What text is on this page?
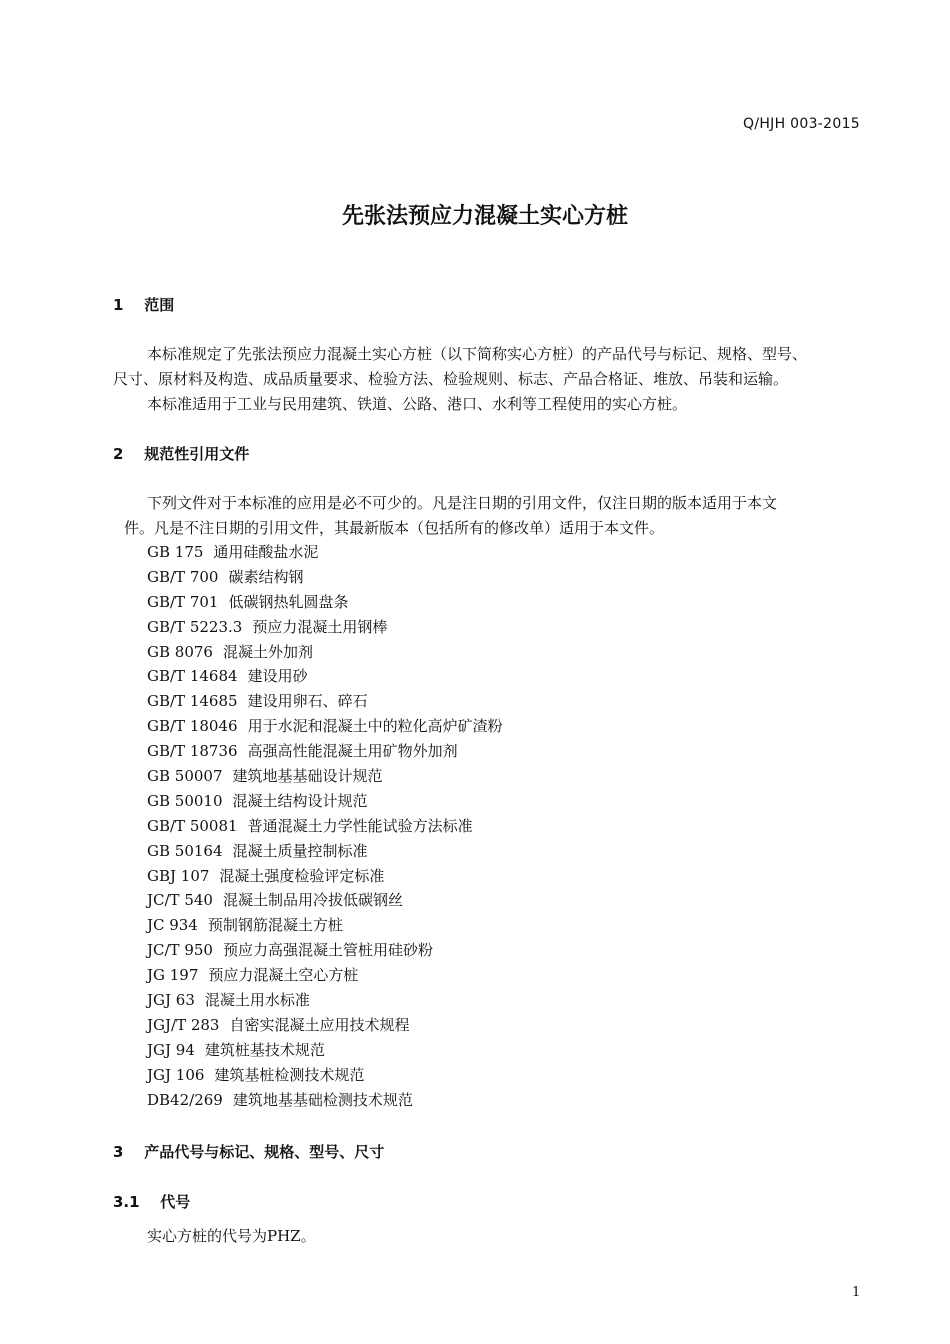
Q/HJH 003-2015
先张法预应力混凝土实心方桩
1 范围
本标准规定了先张法预应力混凝土实心方桩（以下简称实心方桩）的产品代号与标记、规格、型号、
尺寸、原材料及构造、成品质量要求、检验方法、检验规则、标志、产品合格证、堆放、吊装和运输。
本标准适用于工业与民用建筑、铁道、公路、港口、水利等工程使用的实心方桩。
2 规范性引用文件
下列文件对于本标准的应用是必不可少的。凡是注日期的引用文件，仅注日期的版本适用于本文
件。凡是不注日期的引用文件，其最新版本（包括所有的修改单）适用于本文件。
GB 175 通用硅酸盐水泥
GB/T 700 碳素结构钢
GB/T 701 低碳钢热轧圆盘条
GB/T 5223.3 预应力混凝土用钢棒
GB 8076 混凝土外加剂
GB/T 14684 建设用砂
GB/T 14685 建设用卵石、碎石
GB/T 18046 用于水泥和混凝土中的粒化高炉矿渣粉
GB/T 18736 高强高性能混凝土用矿物外加剂
GB 50007 建筑地基基础设计规范
GB 50010 混凝土结构设计规范
GB/T 50081 普通混凝土力学性能试验方法标准
GB 50164 混凝土质量控制标准
GBJ 107 混凝土强度检验评定标准
JC/T 540 混凝土制品用冷拔低碳钢丝
JC 934 预制钢筋混凝土方桩
JC/T 950 预应力高强混凝土管桩用硅砂粉
JG 197 预应力混凝土空心方桩
JGJ 63 混凝土用水标准
JGJ/T 283 自密实混凝土应用技术规程
JGJ 94 建筑桩基技术规范
JGJ 106 建筑基桩检测技术规范
DB42/269 建筑地基基础检测技术规范
3 产品代号与标记、规格、型号、尺寸
3.1 代号
实心方桩的代号为PHZ。
1
